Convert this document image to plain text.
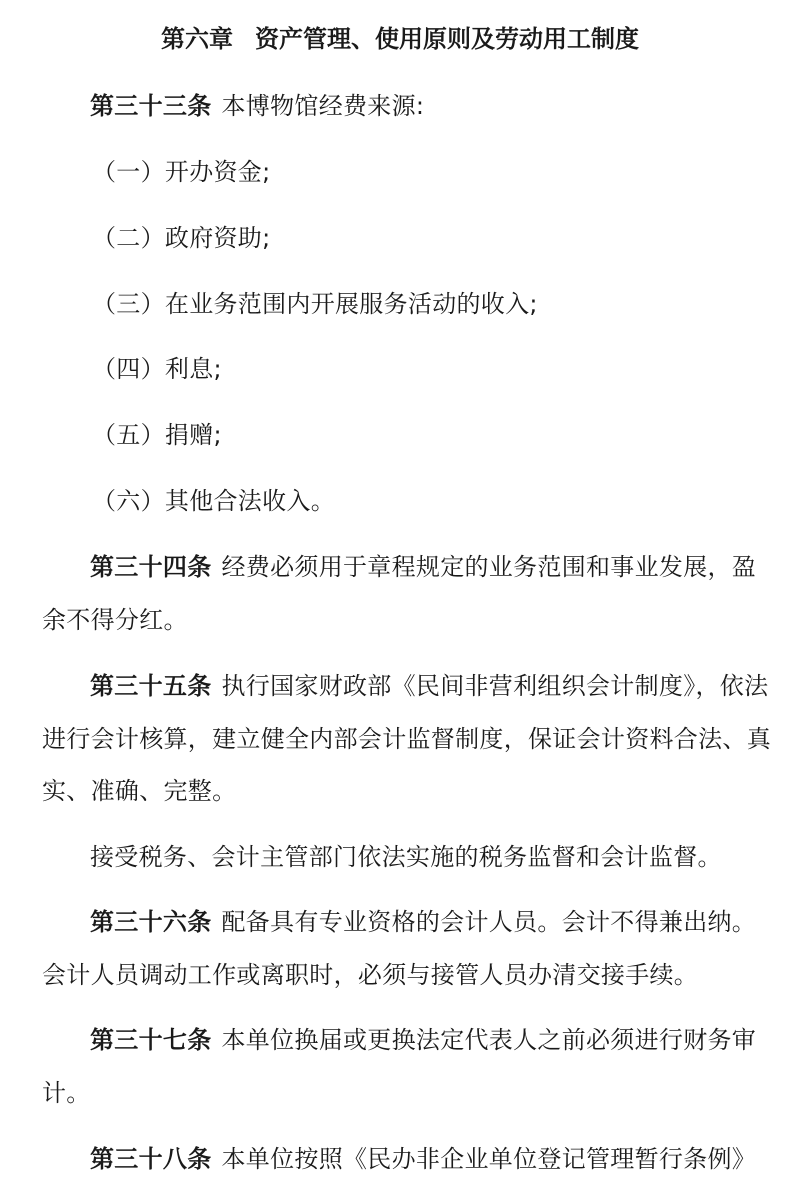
第六章 资产管理、使用原则及劳动用工制度
第三十三条 本博物馆经费来源:
（一）开办资金;
（二）政府资助;
（三）在业务范围内开展服务活动的收入;
（四）利息;
（五）捐赠;
（六）其他合法收入。
第三十四条 经费必须用于章程规定的业务范围和事业发展，盈
余不得分红。
第三十五条 执行国家财政部《民间非营利组织会计制度》，依法
进行会计核算，建立健全内部会计监督制度，保证会计资料合法、真
实、准确、完整。
接受税务、会计主管部门依法实施的税务监督和会计监督。
第三十六条 配备具有专业资格的会计人员。会计不得兼出纳。
会计人员调动工作或离职时，必须与接管人员办清交接手续。
第三十七条 本单位换届或更换法定代表人之前必须进行财务审
计。
第三十八条 本单位按照《民办非企业单位登记管理暂行条例》
